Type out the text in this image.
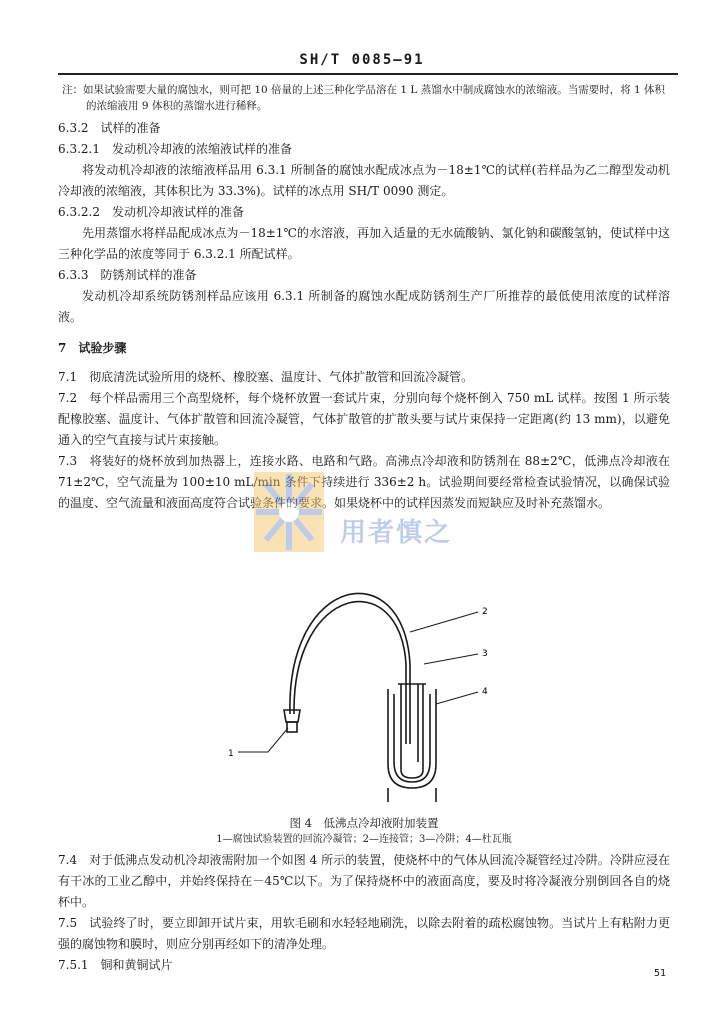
SH/T 0085—91

注：如果试验需要大量的腐蚀水，则可把 10 倍量的上述三种化学品溶在 1 L 蒸馏水中制成腐蚀水的浓缩液。当需要时，将 1 体积的浓缩液用 9 体积的蒸馏水进行稀释。

6.3.2　试样的准备

6.3.2.1　发动机冷却液的浓缩液试样的准备

将发动机冷却液的浓缩液样品用 6.3.1 所制备的腐蚀水配成冰点为－18±1℃的试样(若样品为乙二醇型发动机冷却液的浓缩液，其体积比为 33.3%)。试样的冰点用 SH/T 0090 测定。

6.3.2.2　发动机冷却液试样的准备

先用蒸馏水将样品配成冰点为－18±1℃的水溶液，再加入适量的无水硫酸钠、氯化钠和碳酸氢钠，使试样中这三种化学品的浓度等同于 6.3.2.1 所配试样。

6.3.3　防锈剂试样的准备

发动机冷却系统防锈剂样品应该用 6.3.1 所制备的腐蚀水配成防锈剂生产厂所推荐的最低使用浓度的试样溶液。

7　试验步骤

7.1　彻底清洗试验所用的烧杯、橡胶塞、温度计、气体扩散管和回流冷凝管。

7.2　每个样品需用三个高型烧杯，每个烧杯放置一套试片束，分别向每个烧杯倒入 750 mL 试样。按图 1 所示装配橡胶塞、温度计、气体扩散管和回流冷凝管，气体扩散管的扩散头要与试片束保持一定距离(约 13 mm)，以避免通入的空气直接与试片束接触。

7.3　将装好的烧杯放到加热器上，连接水路、电路和气路。高沸点冷却液和防锈剂在 88±2℃，低沸点冷却液在 71±2℃，空气流量为 100±10 mL/min 条件下持续进行 336±2 h。试验期间要经常检查试验情况，以确保试验的温度、空气流量和液面高度符合试验条件的要求。如果烧杯中的试样因蒸发而短缺应及时补充蒸馏水。

1
2
3
4

图 4　低沸点冷却液附加装置

1—腐蚀试验装置的回流冷凝管；2—连接管；3—冷阱；4—杜瓦瓶

7.4　对于低沸点发动机冷却液需附加一个如图 4 所示的装置，使烧杯中的气体从回流冷凝管经过冷阱。冷阱应浸在有干冰的工业乙醇中，并始终保持在－45℃以下。为了保持烧杯中的液面高度，要及时将冷凝液分别倒回各自的烧杯中。

7.5　试验终了时，要立即卸开试片束，用软毛刷和水轻轻地刷洗，以除去附着的疏松腐蚀物。当试片上有粘附力更强的腐蚀物和膜时，则应分别再经如下的清净处理。

7.5.1　铜和黄铜试片

用者慎之
51
